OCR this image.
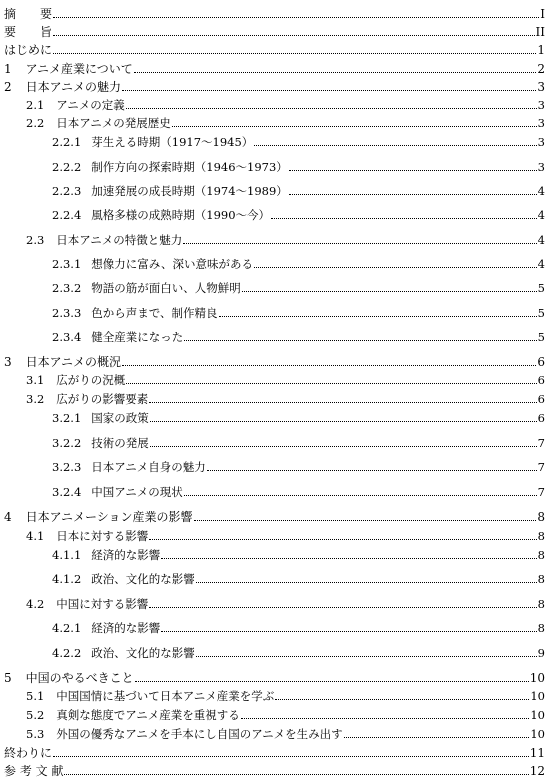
摘　　要	I
要　　旨	II
はじめに	1
1 アニメ産業について	2
2 日本アニメの魅力	3
2.1 アニメの定義	3
2.2 日本アニメの発展歴史	3
2.2.1 芽生える時期（1917～1945）	3
2.2.2 制作方向の探索時期（1946～1973）	3
2.2.3 加速発展の成長時期（1974～1989）	4
2.2.4 風格多様の成熟時期（1990～今）	4
2.3 日本アニメの特徴と魅力	4
2.3.1 想像力に富み、深い意味がある	4
2.3.2 物語の筋が面白い、人物鮮明	5
2.3.3 色から声まで、制作精良	5
2.3.4 健全産業になった	5
3 日本アニメの概況	6
3.1 広がりの況概	6
3.2 広がりの影響要素	6
3.2.1 国家の政策	6
3.2.2 技術の発展	7
3.2.3 日本アニメ自身の魅力	7
3.2.4 中国アニメの現状	7
4 日本アニメーション産業の影響	8
4.1 日本に対する影響	8
4.1.1 経済的な影響	8
4.1.2 政治、文化的な影響	8
4.2 中国に対する影響	8
4.2.1 経済的な影響	8
4.2.2 政治、文化的な影響	9
5 中国のやるべきこと	10
5.1 中国国情に基づいて日本アニメ産業を学ぶ	10
5.2 真剣な態度でアニメ産業を重視する	10
5.3 外国の優秀なアニメを手本にし自国のアニメを生み出す	10
終わりに	11
参 考 文 献	12
